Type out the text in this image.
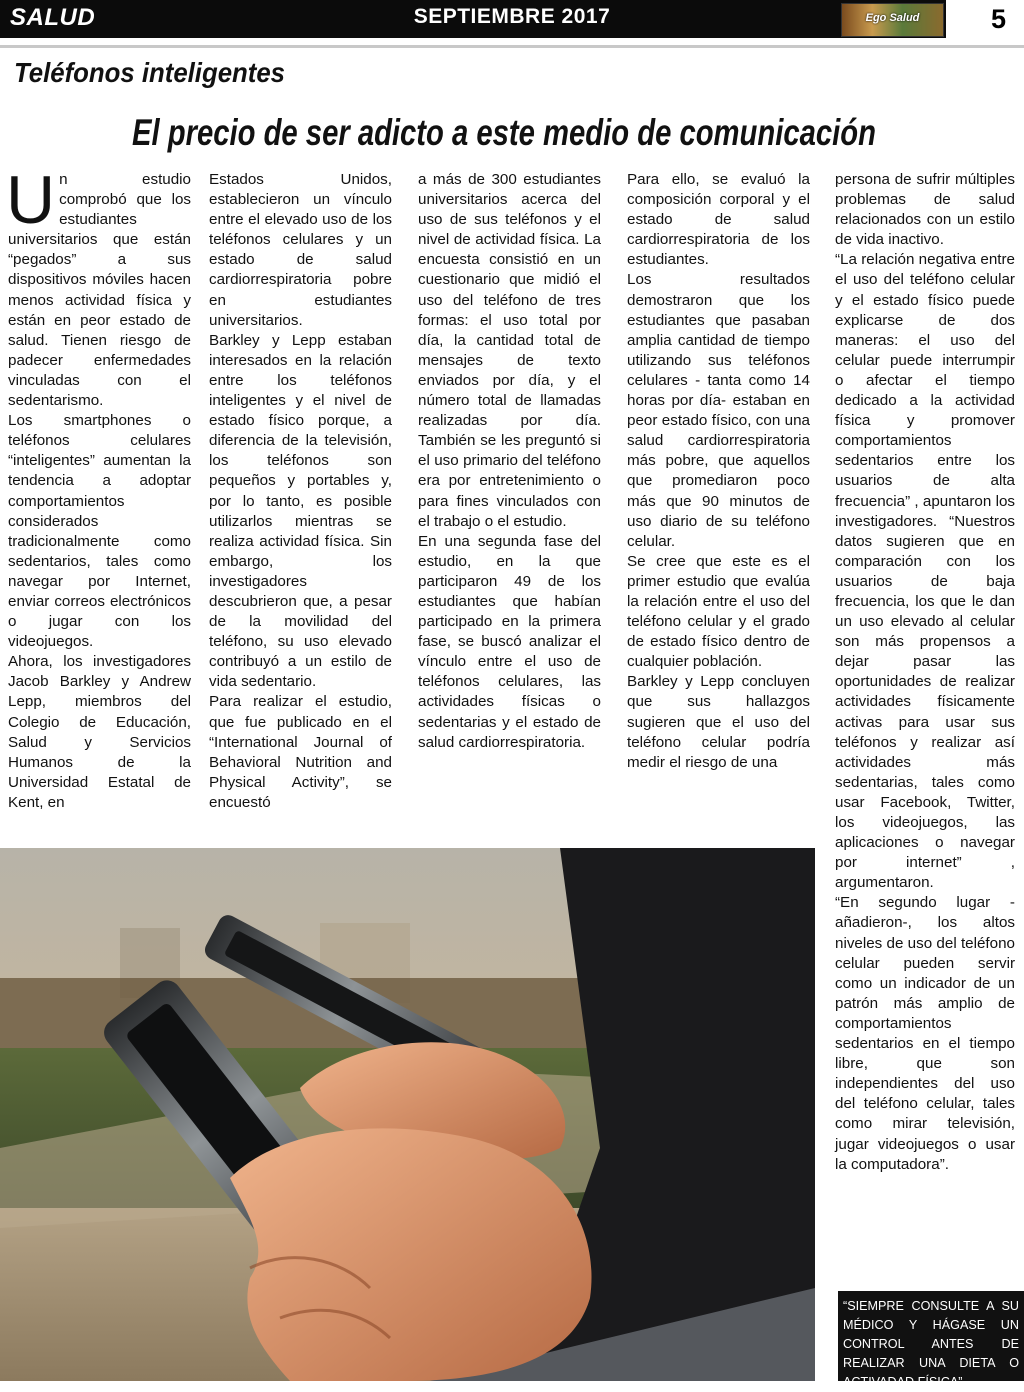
SALUD	SEPTIEMBRE 2017	Ego Salud	5
Teléfonos inteligentes
El precio de ser adicto a este medio de comunicación
U n estudio comprobó que los estudiantes universitarios que están “pegados” a sus dispositivos móviles hacen menos actividad física y están en peor estado de salud. Tienen riesgo de padecer enfermedades vinculadas con el sedentarismo.

Los smartphones o teléfonos celulares “inteligentes” aumentan la tendencia a adoptar comportamientos considerados tradicionalmente como sedentarios, tales como navegar por Internet, enviar correos electrónicos o jugar con los videojuegos.

Ahora, los investigadores Jacob Barkley y Andrew Lepp, miembros del Colegio de Educación, Salud y Servicios Humanos de la Universidad Estatal de Kent, en

Estados Unidos, establecieron un vínculo entre el elevado uso de los teléfonos celulares y un estado de salud cardiorrespiratoria pobre en estudiantes universitarios.

Barkley y Lepp estaban interesados en la relación entre los teléfonos inteligentes y el nivel de estado físico porque, a diferencia de la televisión, los teléfonos son pequeños y portables y, por lo tanto, es posible utilizarlos mientras se realiza actividad física. Sin embargo, los investigadores descubrieron que, a pesar de la movilidad del teléfono, su uso elevado contribuyó a un estilo de vida sedentario.

Para realizar el estudio, que fue publicado en el “International Journal of Behavioral Nutrition and Physical Activity”, se encuestó

a más de 300 estudiantes universitarios acerca del uso de sus teléfonos y el nivel de actividad física. La encuesta consistió en un cuestionario que midió el uso del teléfono de tres formas: el uso total por día, la cantidad total de mensajes de texto enviados por día, y el número total de llamadas realizadas por día. También se les preguntó si el uso primario del teléfono era por entretenimiento o para fines vinculados con el trabajo o el estudio.

En una segunda fase del estudio, en la que participaron 49 de los estudiantes que habían participado en la primera fase, se buscó analizar el vínculo entre el uso de teléfonos celulares, las actividades físicas o sedentarias y el estado de salud cardiorrespiratoria.

Para ello, se evaluó la composición corporal y el estado de salud cardiorrespiratoria de los estudiantes.

Los resultados demostraron que los estudiantes que pasaban amplia cantidad de tiempo utilizando sus teléfonos celulares - tanta como 14 horas por día- estaban en peor estado físico, con una salud cardiorrespiratoria más pobre, que aquellos que promediaron poco más que 90 minutos de uso diario de su teléfono celular.

Se cree que este es el primer estudio que evalúa la relación entre el uso del teléfono celular y el grado de estado físico dentro de cualquier población.

Barkley y Lepp concluyen que sus hallazgos sugieren que el uso del teléfono celular podría medir el riesgo de una

persona de sufrir múltiples problemas de salud relacionados con un estilo de vida inactivo.

“La relación negativa entre el uso del teléfono celular y el estado físico puede explicarse de dos maneras: el uso del celular puede interrumpir o afectar el tiempo dedicado a la actividad física y promover comportamientos sedentarios entre los usuarios de alta frecuencia” , apuntaron los investigadores. “Nuestros datos sugieren que en comparación con los usuarios de baja frecuencia, los que le dan un uso elevado al celular son más propensos a dejar pasar las oportunidades de realizar actividades físicamente activas para usar sus teléfonos y realizar así actividades más sedentarias, tales como usar Facebook, Twitter, los videojuegos, las aplicaciones o navegar por internet” , argumentaron.

“En segundo lugar - añadieron-, los altos niveles de uso del teléfono celular pueden servir como un indicador de un patrón más amplio de comportamientos sedentarios en el tiempo libre, que son independientes del uso del teléfono celular, tales como mirar televisión, jugar videojuegos o usar la computadora”.

“SIEMPRE CONSULTE A SU MÉDICO Y HÁGASE UN CONTROL ANTES DE REALIZAR UNA DIETA O ACTIVADAD FÍSICA”
